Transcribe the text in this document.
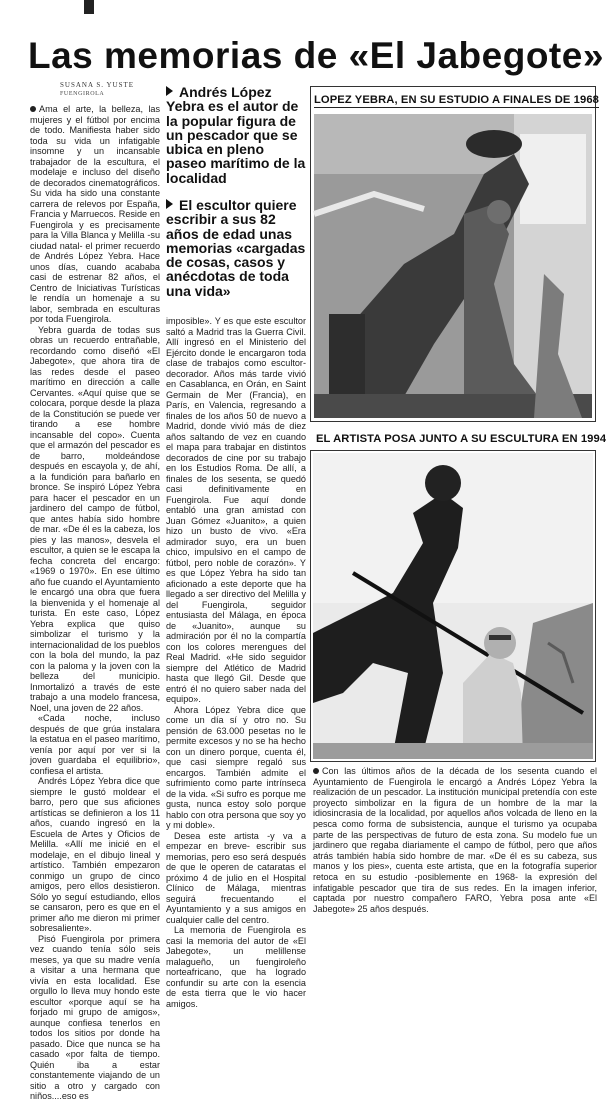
Las memorias de «El Jabegote»
SUSANA S. YUSTE
FUENGIROLA

Ama el arte, la belleza, las mujeres y el fútbol por encima de todo. Manifiesta haber sido toda su vida un infatigable insomne y un incansable trabajador de la escultura, el modelaje e incluso del diseño de decorados cinematográficos. Su vida ha sido una constante carrera de relevos por España, Francia y Marruecos. Reside en Fuengirola y es precisamente para la Villa Blanca y Melilla -su ciudad natal- el primer recuerdo de Andrés López Yebra. Hace unos días, cuando acababa casi de estrenar 82 años, el Centro de Iniciativas Turísticas le rendía un homenaje a su labor, sembrada en esculturas por toda Fuengirola.

Yebra guarda de todas sus obras un recuerdo entrañable, recordando como diseñó «El Jabegote», que ahora tira de las redes desde el paseo marítimo en dirección a calle Cervantes. «Aquí quise que se colocara, porque desde la plaza de la Constitución se puede ver tirando a ese hombre incansable del copo». Cuenta que el armazón del pescador es de barro, moldeándose después en escayola y, de ahí, a la fundición para bañarlo en bronce. Se inspiró López Yebra para hacer el pescador en un jardinero del campo de fútbol, que antes había sido hombre de mar. «De él es la cabeza, los pies y las manos», desvela el escultor, a quien se le escapa la fecha concreta del encargo: «1969 o 1970». En ese último año fue cuando el Ayuntamiento le encargó una obra que fuera la bienvenida y el homenaje al turista. En este caso, López Yebra explica que quiso simbolizar el turismo y la internacionalidad de los pueblos con la bola del mundo, la paz con la paloma y la joven con la belleza del municipio. Inmortalizó a través de este trabajo a una modelo francesa, Noel, una joven de 22 años.

«Cada noche, incluso después de que grúa instalara la estatua en el paseo marítimo, venía por aquí por ver si la joven guardaba el equilibrio», confiesa el artista.

Andrés López Yebra dice que siempre le gustó moldear el barro, pero que sus aficiones artísticas se definieron a los 11 años, cuando ingresó en la Escuela de Artes y Oficios de Melilla. «Allí me inicié en el modelaje, en el dibujo lineal y artístico. También empezaron conmigo un grupo de cinco amigos, pero ellos desistieron. Sólo yo seguí estudiando, ellos se cansaron, pero es que en el primer año me dieron mi primer sobresaliente».

Pisó Fuengirola por primera vez cuando tenía sólo seis meses, ya que su madre venía a visitar a una hermana que vivía en esta localidad. Ese orgullo lo lleva muy hondo este escultor «porque aquí se ha forjado mi grupo de amigos», aunque confiesa tenerlos en todos los sitios por donde ha pasado. Dice que nunca se ha casado «por falta de tiempo. Quién iba a estar constantemente viajando de un sitio a otro y cargado con niños....eso es

Andrés López Yebra es el autor de la popular figura de un pescador que se ubica en pleno paseo marítimo de la localidad
El escultor quiere escribir a sus 82 años de edad unas memorias «cargadas de cosas, casos y anécdotas de toda una vida»

imposible». Y es que este escultor saltó a Madrid tras la Guerra Civil. Allí ingresó en el Ministerio del Ejército donde le encargaron toda clase de trabajos como escultor-decorador. Años más tarde vivió en Casablanca, en Orán, en Saint Germain de Mer (Francia), en París, en Valencia, regresando a finales de los años 50 de nuevo a Madrid, donde vivió más de diez años saltando de vez en cuando el mapa para trabajar en distintos decorados de cine por su trabajo en los Estudios Roma. De allí, a finales de los sesenta, se quedó casi definitivamente en Fuengirola. Fue aquí donde entabló una gran amistad con Juan Gómez «Juanito», a quien hizo un busto de vivo. «Era admirador suyo, era un buen chico, impulsivo en el campo de fútbol, pero noble de corazón». Y es que López Yebra ha sido tan aficionado a este deporte que ha llegado a ser directivo del Melilla y del Fuengirola, seguidor entusiasta del Málaga, en época de «Juanito», aunque su admiración por él no la compartía con los colores merengues del Real Madrid. «He sido seguidor siempre del Atlético de Madrid hasta que llegó Gil. Desde que entró él no quiero saber nada del equipo».

Ahora López Yebra dice que come un día sí y otro no. Su pensión de 63.000 pesetas no le permite excesos y no se ha hecho con un dinero porque, cuenta él, que casi siempre regaló sus encargos. También admite el sufrimiento como parte intrínseca de la vida. «Si sufro es porque me gusta, nunca estoy solo porque hablo con otra persona que soy yo y mi doble».

Desea este artista -y va a empezar en breve- escribir sus memorias, pero eso será después de que le operen de cataratas el próximo 4 de julio en el Hospital Clínico de Málaga, mientras seguirá frecuentando el Ayuntamiento y a sus amigos en cualquier calle del centro.

La memoria de Fuengirola es casi la memoria del autor de «El Jabegote», un melillense malagueño, un fuengiroleño norteafricano, que ha logrado confundir su arte con la esencia de esta tierra que le vio hacer amigos.

LOPEZ YEBRA, EN SU ESTUDIO A FINALES DE 1968
EL ARTISTA POSA JUNTO A SU ESCULTURA EN 1994
Con las últimos años de la década de los sesenta cuando el Ayuntamiento de Fuengirola le encargó a Andrés López Yebra la realización de un pescador. La institución municipal pretendía con este proyecto simbolizar en la figura de un hombre de la mar la idiosincrasia de la localidad, por aquellos años volcada de lleno en la pesca como forma de subsistencia, aunque el turismo ya ocupaba parte de las perspectivas de futuro de esta zona. Su modelo fue un jardinero que regaba diariamente el campo de fútbol, pero que años atrás también había sido hombre de mar. «De él es su cabeza, sus manos y los pies», cuenta este artista, que en la fotografía superior retoca en su estudio -posiblemente en 1968- la expresión del infatigable pescador que tira de sus redes. En la imagen inferior, captada por nuestro compañero FARO, Yebra posa ante «El Jabegote» 25 años después.
